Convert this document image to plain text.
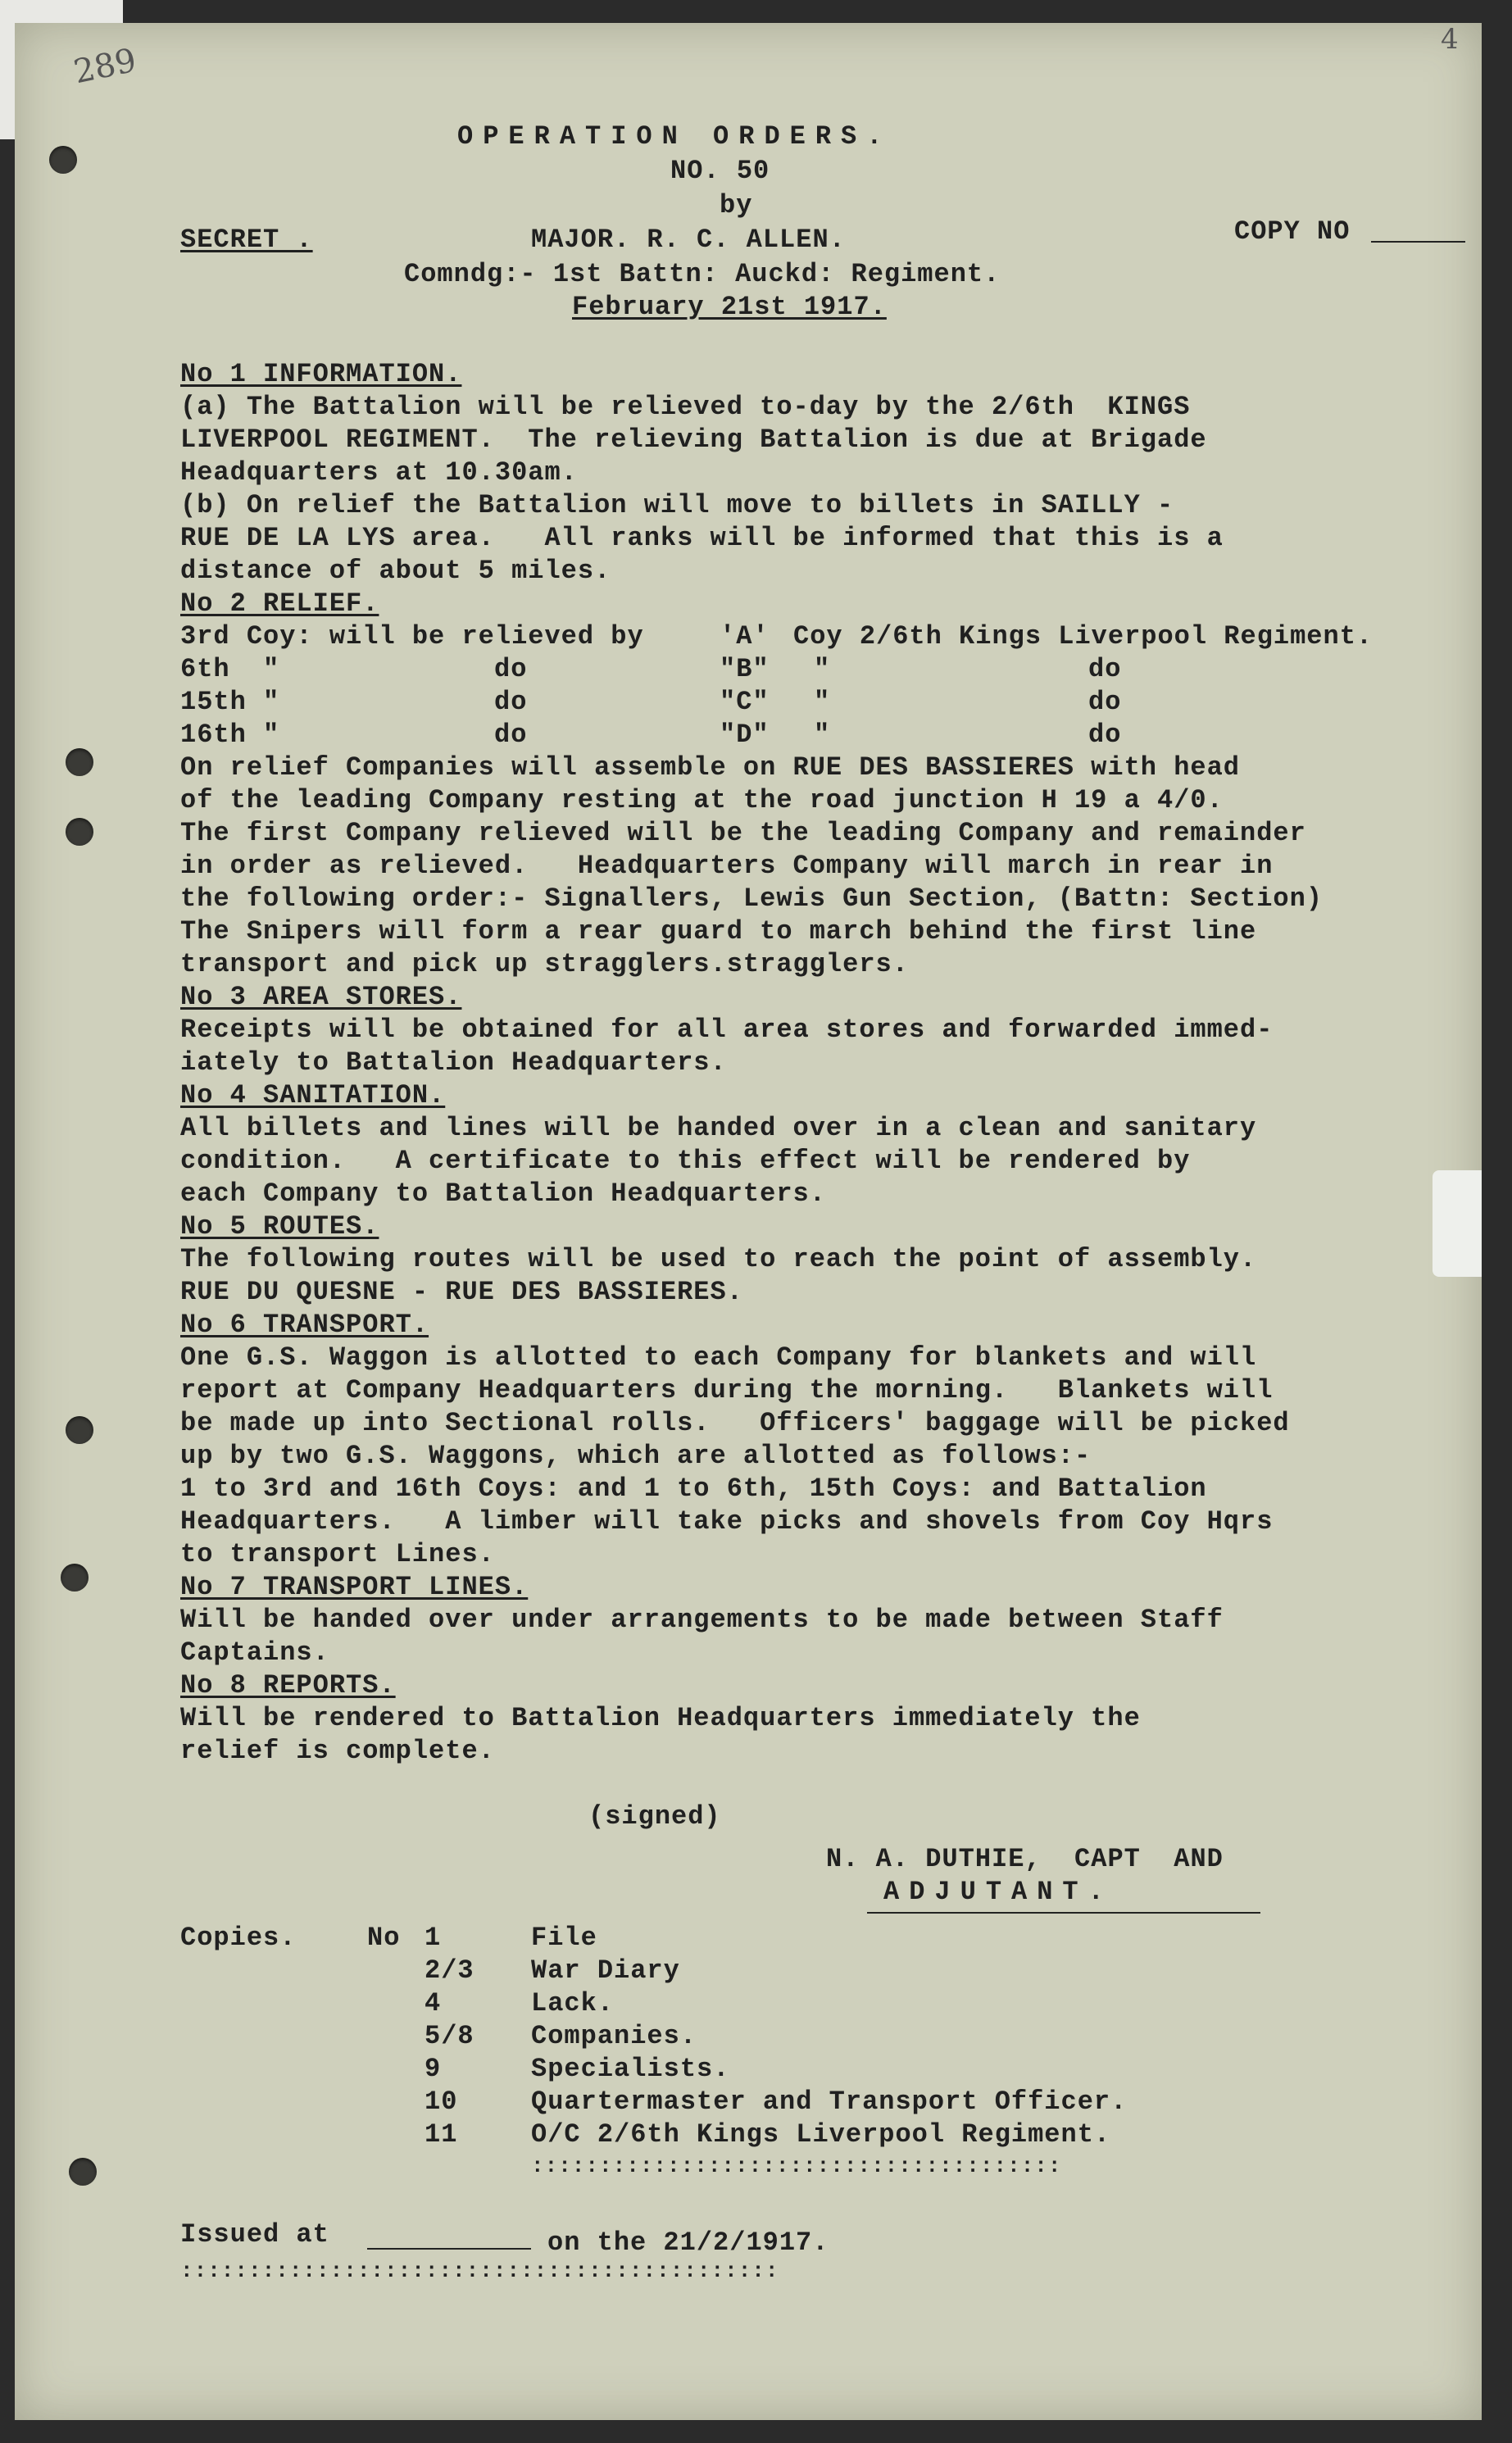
289
4
OPERATION ORDERS.
NO. 50
by
SECRET .	MAJOR. R. C. ALLEN.	COPY NO
Comndg:- 1st Battn: Auckd: Regiment.
February 21st 1917.
No 1 INFORMATION.
(a) The Battalion will be relieved to-day by the 2/6th  KINGS
LIVERPOOL REGIMENT.  The relieving Battalion is due at Brigade
Headquarters at 10.30am.
(b) On relief the Battalion will move to billets in SAILLY -
RUE DE LA LYS area.   All ranks will be informed that this is a
distance of about 5 miles.
No 2 RELIEF.
3rd Coy: will be relieved by	'A' Coy 2/6th Kings Liverpool Regiment.
6th  "	do	"B" "	do
15th "	do	"C" "	do
16th "	do	"D" "	do
On relief Companies will assemble on RUE DES BASSIERES with head
of the leading Company resting at the road junction H 19 a 4/0.
The first Company relieved will be the leading Company and remainder
in order as relieved.   Headquarters Company will march in rear in
the following order:- Signallers, Lewis Gun Section, (Battn: Section)
The Snipers will form a rear guard to march behind the first line
transport and pick up stragglers.stragglers.
No 3 AREA STORES.
Receipts will be obtained for all area stores and forwarded immed-
iately to Battalion Headquarters.
No 4 SANITATION.
All billets and lines will be handed over in a clean and sanitary
condition.   A certificate to this effect will be rendered by
each Company to Battalion Headquarters.
No 5 ROUTES.
The following routes will be used to reach the point of assembly.
RUE DU QUESNE - RUE DES BASSIERES.
No 6 TRANSPORT.
One G.S. Waggon is allotted to each Company for blankets and will
report at Company Headquarters during the morning.   Blankets will
be made up into Sectional rolls.   Officers' baggage will be picked
up by two G.S. Waggons, which are allotted as follows:-
1 to 3rd and 16th Coys: and 1 to 6th, 15th Coys: and Battalion
Headquarters.   A limber will take picks and shovels from Coy Hqrs
to transport Lines.
No 7 TRANSPORT LINES.
Will be handed over under arrangements to be made between Staff
Captains.
No 8 REPORTS.
Will be rendered to Battalion Headquarters immediately the
relief is complete.
(signed)
N. A. DUTHIE,  CAPT  AND
ADJUTANT.
Copies.	No 1	File
2/3 War Diary
4	Lack.
5/8 Companies.
9	Specialists.
10	Quartermaster and Transport Officer.
11	O/C 2/6th Kings Liverpool Regiment.
:::::::::::::::::::::::::::::::::::::::
Issued at	on the 21/2/1917.
::::::::::::::::::::::::::::::::::::::::::::
